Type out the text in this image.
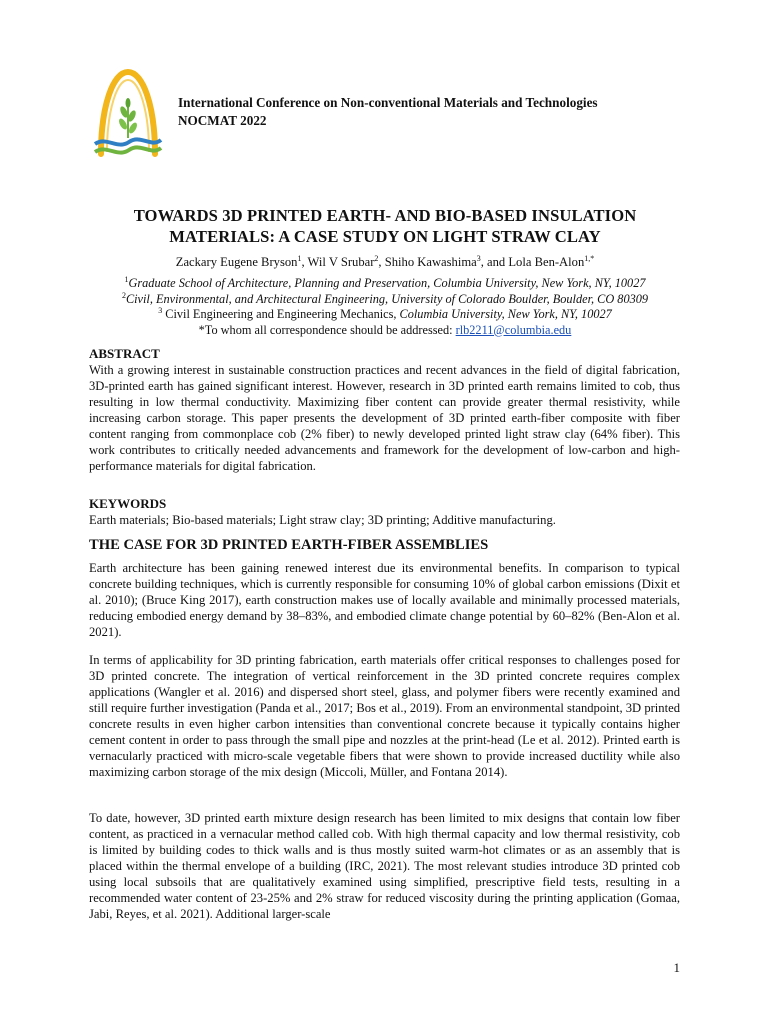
International Conference on Non-conventional Materials and Technologies
NOCMAT 2022
TOWARDS 3D PRINTED EARTH- AND BIO-BASED INSULATION
MATERIALS: A CASE STUDY ON LIGHT STRAW CLAY
Zackary Eugene Bryson$^1$, Wil V Srubar$^2$, Shiho Kawashima$^3$, and Lola Ben-Alon$^{1,*}$
$^1$Graduate School of Architecture, Planning and Preservation, Columbia University, New York, NY, 10027
$^2$Civil, Environmental, and Architectural Engineering, University of Colorado Boulder, Boulder, CO 80309
$^3$ Civil Engineering and Engineering Mechanics, Columbia University, New York, NY, 10027
*To whom all correspondence should be addressed: rlb2211@columbia.edu
ABSTRACT
With a growing interest in sustainable construction practices and recent advances in the field of digital fabrication, 3D-printed earth has gained significant interest. However, research in 3D printed earth remains limited to cob, thus resulting in low thermal conductivity. Maximizing fiber content can provide greater thermal resistivity, while increasing carbon storage. This paper presents the development of 3D printed earth-fiber composite with fiber content ranging from commonplace cob (2% fiber) to newly developed printed light straw clay (64% fiber). This work contributes to critically needed advancements and framework for the development of low-carbon and high-performance materials for digital fabrication.
KEYWORDS
Earth materials; Bio-based materials; Light straw clay; 3D printing; Additive manufacturing.
THE CASE FOR 3D PRINTED EARTH-FIBER ASSEMBLIES
Earth architecture has been gaining renewed interest due its environmental benefits. In comparison to typical concrete building techniques, which is currently responsible for consuming 10% of global carbon emissions (Dixit et al. 2010); (Bruce King 2017), earth construction makes use of locally available and minimally processed materials, reducing embodied energy demand by 38–83%, and embodied climate change potential by 60–82% (Ben-Alon et al. 2021).
In terms of applicability for 3D printing fabrication, earth materials offer critical responses to challenges posed for 3D printed concrete. The integration of vertical reinforcement in the 3D printed concrete requires complex applications (Wangler et al. 2016) and dispersed short steel, glass, and polymer fibers were recently examined and still require further investigation (Panda et al., 2017; Bos et al., 2019). From an environmental standpoint, 3D printed concrete results in even higher carbon intensities than conventional concrete because it typically contains higher cement content in order to pass through the small pipe and nozzles at the print-head (Le et al. 2012). Printed earth is vernacularly practiced with micro-scale vegetable fibers that were shown to provide increased ductility while also maximizing carbon storage of the mix design (Miccoli, Müller, and Fontana 2014).
To date, however, 3D printed earth mixture design research has been limited to mix designs that contain low fiber content, as practiced in a vernacular method called cob. With high thermal capacity and low thermal resistivity, cob is limited by building codes to thick walls and is thus mostly suited warm-hot climates or as an assembly that is placed within the thermal envelope of a building (IRC, 2021). The most relevant studies introduce 3D printed cob using local subsoils that are qualitatively examined using simplified, prescriptive field tests, resulting in a recommended water content of 23-25% and 2% straw for reduced viscosity during the printing application (Gomaa, Jabi, Reyes, et al. 2021). Additional larger-scale
1
